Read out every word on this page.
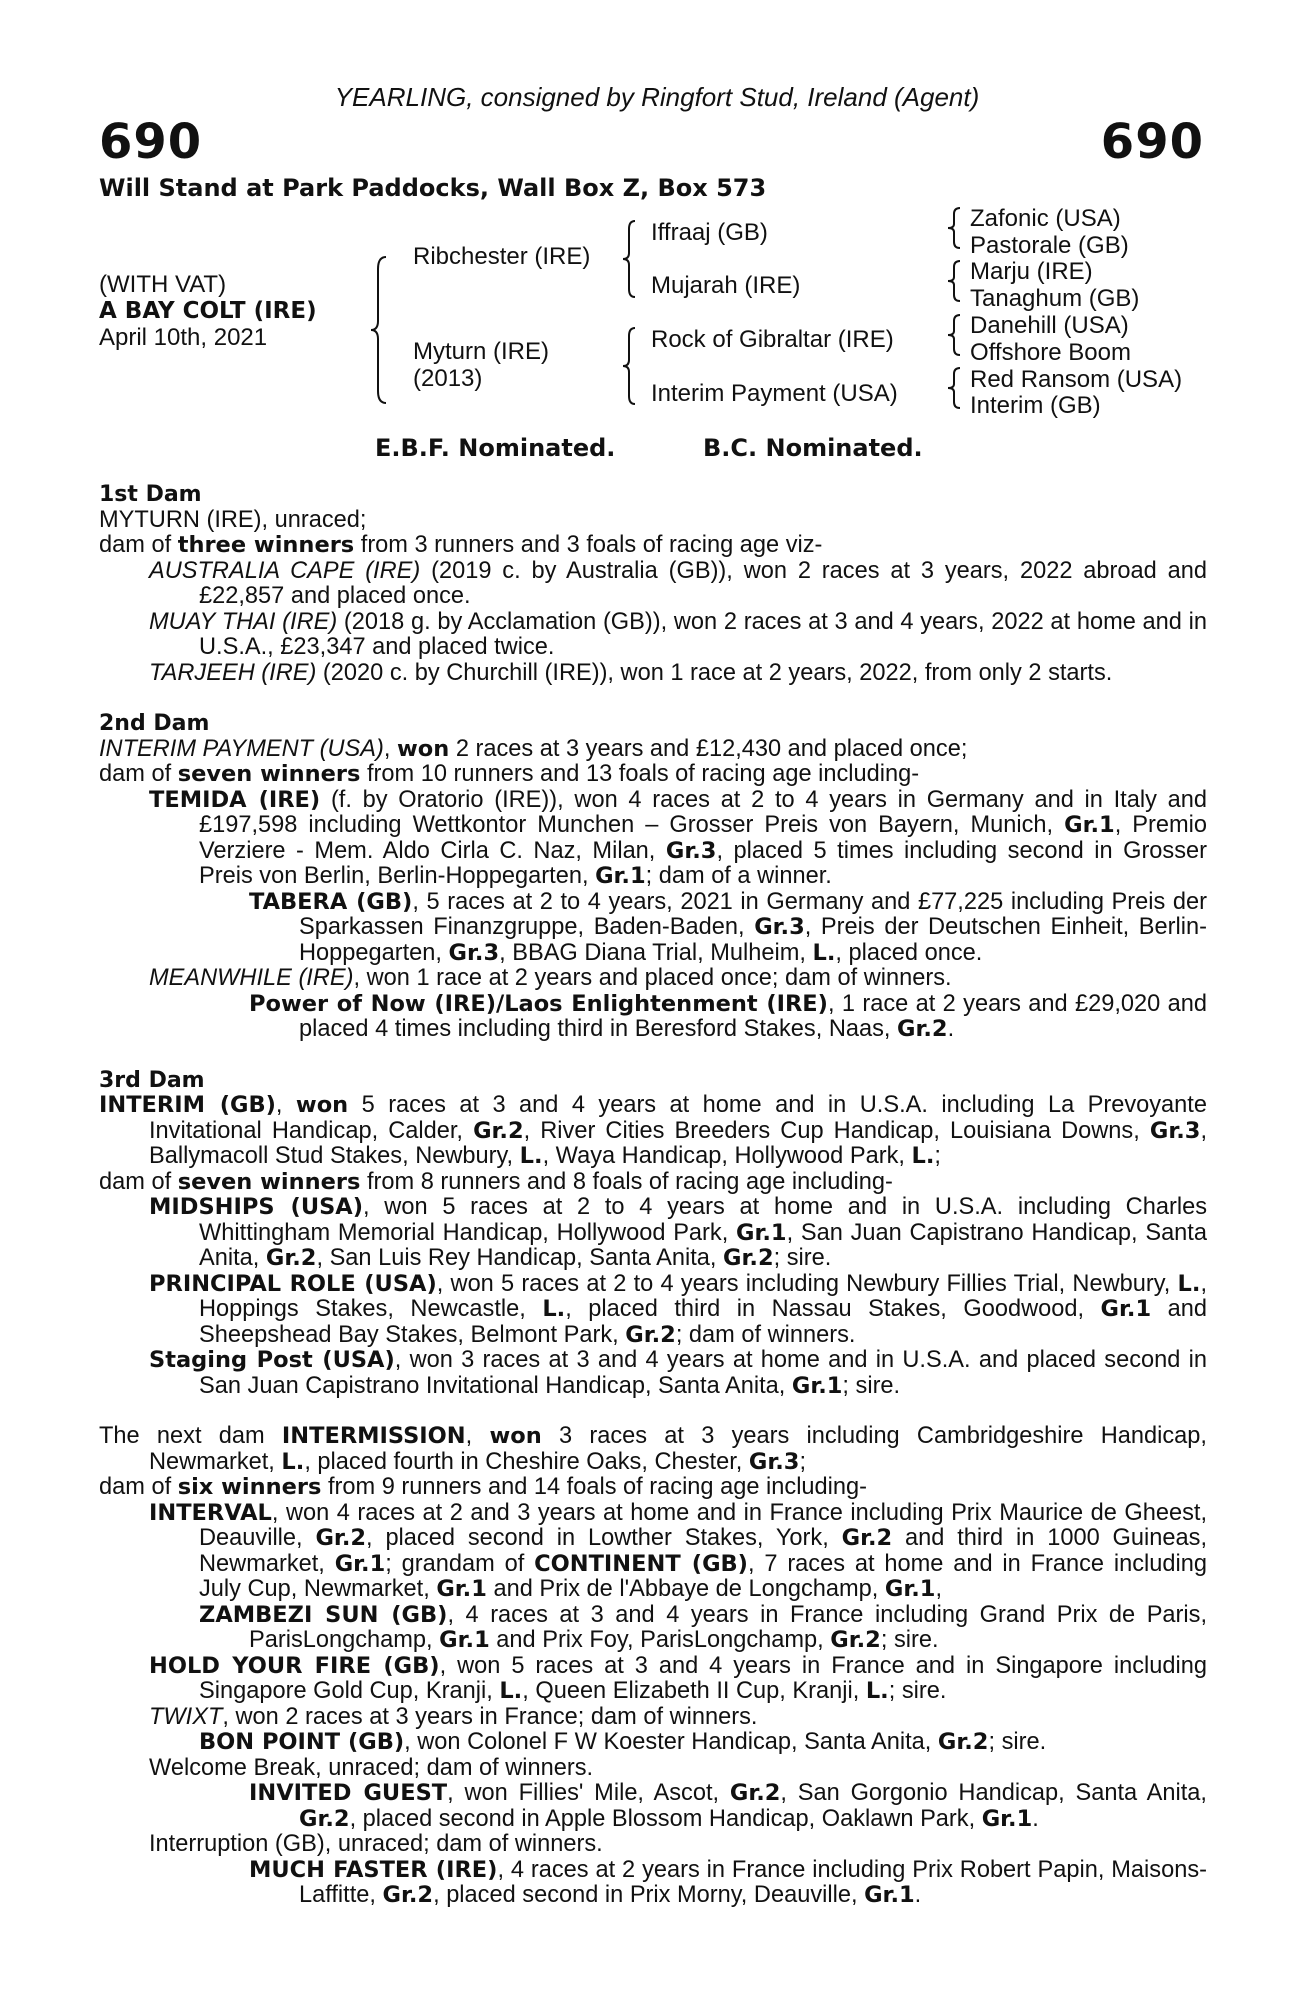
YEARLING, consigned by Ringfort Stud, Ireland (Agent)
690	690
Will Stand at Park Paddocks, Wall Box Z, Box 573
(WITH VAT)
A BAY COLT (IRE)
April 10th, 2021
Ribchester (IRE)
Myturn (IRE)
(2013)
Iffraaj (GB)
Mujarah (IRE)
Rock of Gibraltar (IRE)
Interim Payment (USA)
Zafonic (USA)
Pastorale (GB)
Marju (IRE)
Tanaghum (GB)
Danehill (USA)
Offshore Boom
Red Ransom (USA)
Interim (GB)
E.B.F. Nominated.	B.C. Nominated.
1st Dam
MYTURN (IRE), unraced;
dam of three winners from 3 runners and 3 foals of racing age viz-
AUSTRALIA CAPE (IRE) (2019 c. by Australia (GB)), won 2 races at 3 years, 2022 abroad and £22,857 and placed once.
MUAY THAI (IRE) (2018 g. by Acclamation (GB)), won 2 races at 3 and 4 years, 2022 at home and in U.S.A., £23,347 and placed twice.
TARJEEH (IRE) (2020 c. by Churchill (IRE)), won 1 race at 2 years, 2022, from only 2 starts.
2nd Dam
INTERIM PAYMENT (USA), won 2 races at 3 years and £12,430 and placed once;
dam of seven winners from 10 runners and 13 foals of racing age including-
TEMIDA (IRE) (f. by Oratorio (IRE)), won 4 races at 2 to 4 years in Germany and in Italy and £197,598 including Wettkontor Munchen – Grosser Preis von Bayern, Munich, Gr.1, Premio Verziere - Mem. Aldo Cirla C. Naz, Milan, Gr.3, placed 5 times including second in Grosser Preis von Berlin, Berlin-Hoppegarten, Gr.1; dam of a winner.
TABERA (GB), 5 races at 2 to 4 years, 2021 in Germany and £77,225 including Preis der Sparkassen Finanzgruppe, Baden-Baden, Gr.3, Preis der Deutschen Einheit, Berlin-Hoppegarten, Gr.3, BBAG Diana Trial, Mulheim, L., placed once.
MEANWHILE (IRE), won 1 race at 2 years and placed once; dam of winners.
Power of Now (IRE)/Laos Enlightenment (IRE), 1 race at 2 years and £29,020 and placed 4 times including third in Beresford Stakes, Naas, Gr.2.
3rd Dam
INTERIM (GB), won 5 races at 3 and 4 years at home and in U.S.A. including La Prevoyante Invitational Handicap, Calder, Gr.2, River Cities Breeders Cup Handicap, Louisiana Downs, Gr.3, Ballymacoll Stud Stakes, Newbury, L., Waya Handicap, Hollywood Park, L.;
dam of seven winners from 8 runners and 8 foals of racing age including-
MIDSHIPS (USA), won 5 races at 2 to 4 years at home and in U.S.A. including Charles Whittingham Memorial Handicap, Hollywood Park, Gr.1, San Juan Capistrano Handicap, Santa Anita, Gr.2, San Luis Rey Handicap, Santa Anita, Gr.2; sire.
PRINCIPAL ROLE (USA), won 5 races at 2 to 4 years including Newbury Fillies Trial, Newbury, L., Hoppings Stakes, Newcastle, L., placed third in Nassau Stakes, Goodwood, Gr.1 and Sheepshead Bay Stakes, Belmont Park, Gr.2; dam of winners.
Staging Post (USA), won 3 races at 3 and 4 years at home and in U.S.A. and placed second in San Juan Capistrano Invitational Handicap, Santa Anita, Gr.1; sire.
The next dam INTERMISSION, won 3 races at 3 years including Cambridgeshire Handicap, Newmarket, L., placed fourth in Cheshire Oaks, Chester, Gr.3;
dam of six winners from 9 runners and 14 foals of racing age including-
INTERVAL, won 4 races at 2 and 3 years at home and in France including Prix Maurice de Gheest, Deauville, Gr.2, placed second in Lowther Stakes, York, Gr.2 and third in 1000 Guineas, Newmarket, Gr.1; grandam of CONTINENT (GB), 7 races at home and in France including July Cup, Newmarket, Gr.1 and Prix de l'Abbaye de Longchamp, Gr.1,
ZAMBEZI SUN (GB), 4 races at 3 and 4 years in France including Grand Prix de Paris, ParisLongchamp, Gr.1 and Prix Foy, ParisLongchamp, Gr.2; sire.
HOLD YOUR FIRE (GB), won 5 races at 3 and 4 years in France and in Singapore including Singapore Gold Cup, Kranji, L., Queen Elizabeth II Cup, Kranji, L.; sire.
TWIXT, won 2 races at 3 years in France; dam of winners.
BON POINT (GB), won Colonel F W Koester Handicap, Santa Anita, Gr.2; sire.
Welcome Break, unraced; dam of winners.
INVITED GUEST, won Fillies' Mile, Ascot, Gr.2, San Gorgonio Handicap, Santa Anita, Gr.2, placed second in Apple Blossom Handicap, Oaklawn Park, Gr.1.
Interruption (GB), unraced; dam of winners.
MUCH FASTER (IRE), 4 races at 2 years in France including Prix Robert Papin, Maisons-Laffitte, Gr.2, placed second in Prix Morny, Deauville, Gr.1.
